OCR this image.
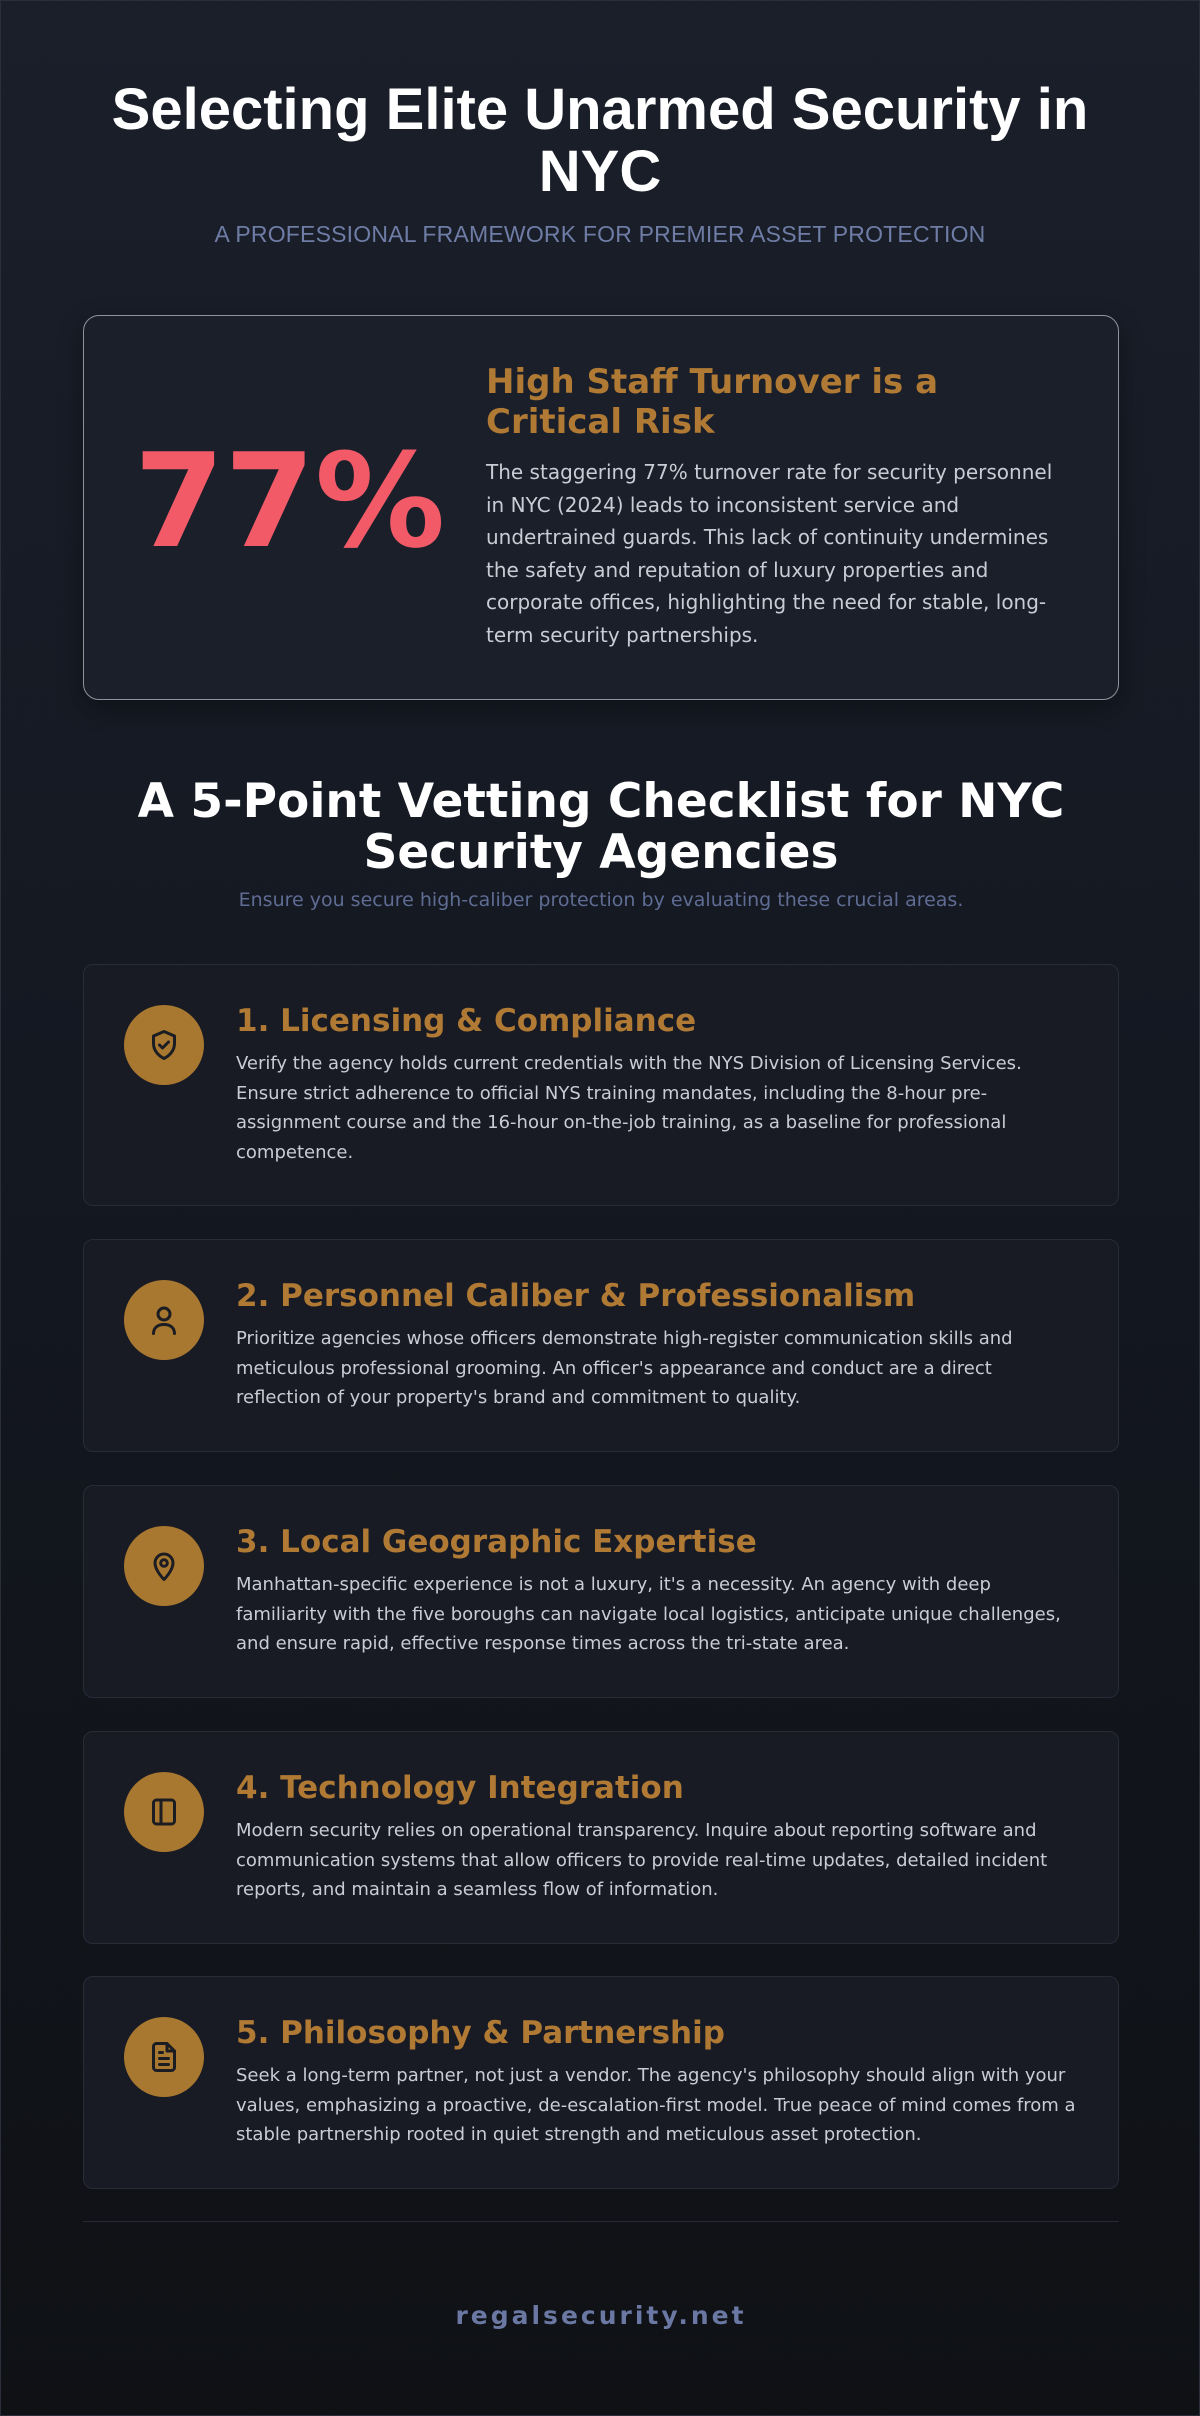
Selecting Elite Unarmed Security in NYC
A PROFESSIONAL FRAMEWORK FOR PREMIER ASSET PROTECTION
77%
High Staff Turnover is a Critical Risk

The staggering 77% turnover rate for security personnel in NYC (2024) leads to inconsistent service and undertrained guards. This lack of continuity undermines the safety and reputation of luxury properties and corporate offices, highlighting the need for stable, long-term security partnerships.

A 5-Point Vetting Checklist for NYC Security Agencies
Ensure you secure high-caliber protection by evaluating these crucial areas.
1. Licensing & Compliance

Verify the agency holds current credentials with the NYS Division of Licensing Services. Ensure strict adherence to official NYS training mandates, including the 8-hour pre-assignment course and the 16-hour on-the-job training, as a baseline for professional competence.

2. Personnel Caliber & Professionalism

Prioritize agencies whose officers demonstrate high-register communication skills and meticulous professional grooming. An officer's appearance and conduct are a direct reflection of your property's brand and commitment to quality.

3. Local Geographic Expertise

Manhattan-specific experience is not a luxury, it's a necessity. An agency with deep familiarity with the five boroughs can navigate local logistics, anticipate unique challenges, and ensure rapid, effective response times across the tri-state area.

4. Technology Integration

Modern security relies on operational transparency. Inquire about reporting software and communication systems that allow officers to provide real-time updates, detailed incident reports, and maintain a seamless flow of information.

5. Philosophy & Partnership

Seek a long-term partner, not just a vendor. The agency's philosophy should align with your values, emphasizing a proactive, de-escalation-first model. True peace of mind comes from a stable partnership rooted in quiet strength and meticulous asset protection.

regalsecurity.net
